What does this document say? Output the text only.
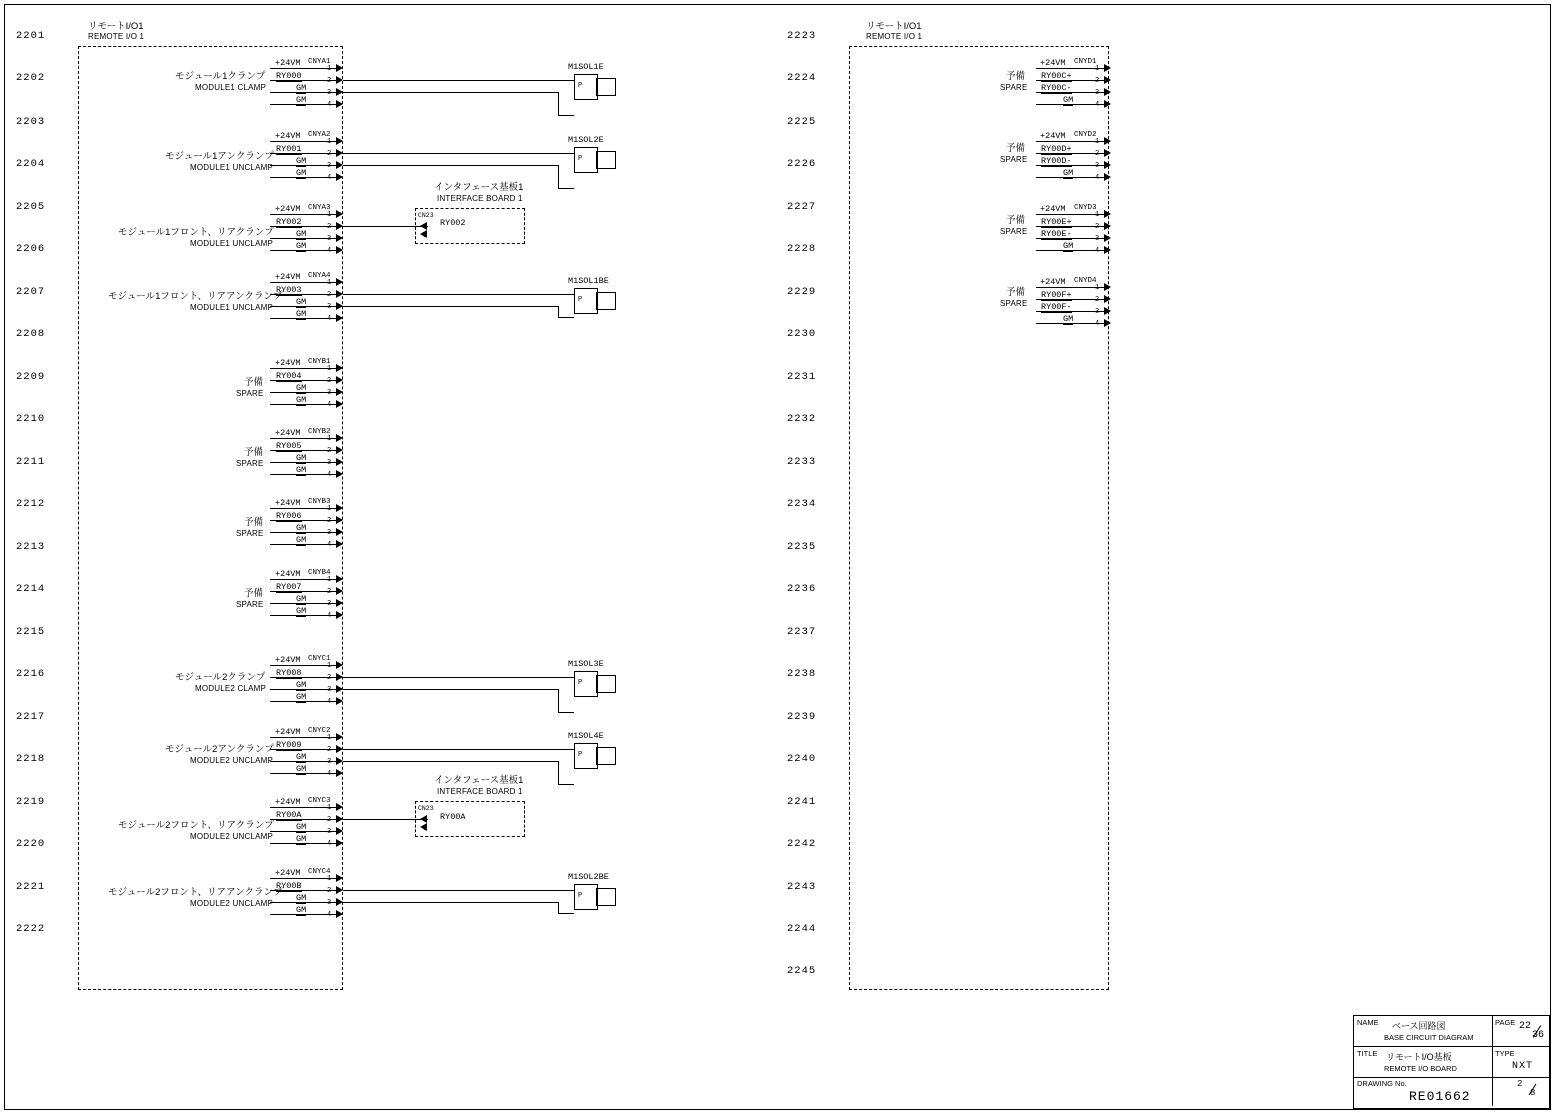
リモートI/O1
REMOTE I/O 1
2201
2202
2203
2204
2205
2206
2207
2208
2209
2210
2211
2212
2213
2214
2215
2216
2217
2218
2219
2220
2221
2222
モジュール1クランプ
MODULE1 CLAMP
+24VM CNYA1
RY000
GM
GM
1
2
3
4
P
M1SOL1E
モジュール1アンクランプ
MODULE1 UNCLAMP
+24VM CNYA2
RY001
GM
GM
1
2
3
4
P
M1SOL2E
モジュール1フロント、リアクランプ
MODULE1 UNCLAMP
+24VM CNYA3
RY002
GM
GM
1
2
3
4
インタフェース基板1
INTERFACE BOARD 1
CN23
RY002
3
モジュール1フロント、リアアンクランプ
MODULE1 UNCLAMP
+24VM CNYA4
RY003
GM
GM
1
2
3
4
P
M1SOL1BE
予備
SPARE
+24VM CNYB1
RY004
GM
GM
1
2
3
4
予備
SPARE
+24VM CNYB2
RY005
GM
GM
1
2
3
4
予備
SPARE
+24VM CNYB3
RY006
GM
GM
1
2
3
4
予備
SPARE
+24VM CNYB4
RY007
GM
GM
1
2
3
4
モジュール2クランプ
MODULE2 CLAMP
+24VM CNYC1
RY008
GM
GM
1
2
3
4
P
M1SOL3E
モジュール2アンクランプ
MODULE2 UNCLAMP
+24VM CNYC2
RY009
GM
GM
1
2
3
4
P
M1SOL4E
モジュール2フロント、リアクランプ
MODULE2 UNCLAMP
+24VM CNYC3
RY00A
GM
GM
1
2
3
4
インタフェース基板1
INTERFACE BOARD 1
CN23
RY00A
3
モジュール2フロント、リアアンクランプ
MODULE2 UNCLAMP
+24VM CNYC4
RY00B
GM
GM
1
2
3
4
P
M1SOL2BE
リモートI/O1
REMOTE I/O 1
2223
2224
2225
2226
2227
2228
2229
2230
2231
2232
2233
2234
2235
2236
2237
2238
2239
2240
2241
2242
2243
2244
2245
予備
SPARE
+24VM CNYD1
RY00C+
RY00C-
GM
1
2
3
4
予備
SPARE
+24VM CNYD2
RY00D+
RY00D-
GM
1
2
3
4
予備
SPARE
+24VM CNYD3
RY00E+
RY00E-
GM
1
2
3
4
予備
SPARE
+24VM CNYD4
RY00F+
RY00F-
GM
1
2
3
4
NAME ベース回路図
BASE CIRCUIT DIAGRAM
PAGE 22
36
TITLE リモートI/O基板
REMOTE I/O BOARD
TYPE
NXT
DRAWING No.
RE01662
2
8
